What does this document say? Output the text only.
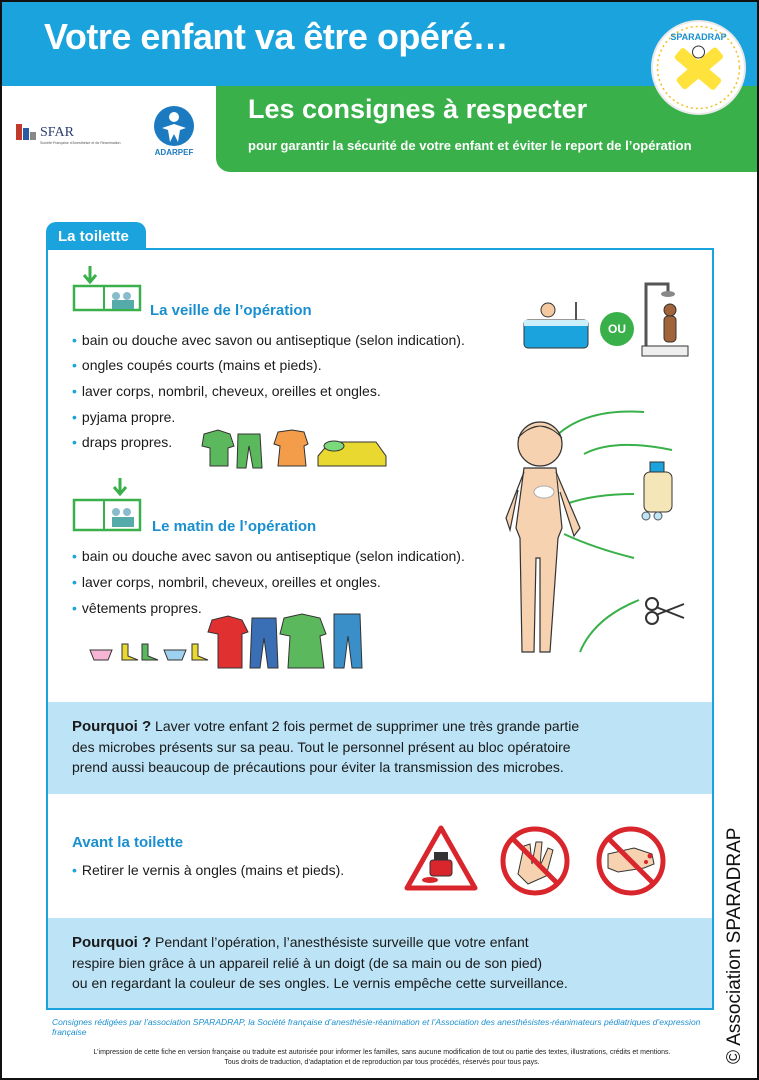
Votre enfant va être opéré…	SPARADRAP
Les consignes à respecter
pour garantir la sécurité de votre enfant et éviter le report de l’opération
SFAR
Société Française d’Anesthésie et de Réanimation
ADARPEF
La toilette
La veille de l’opération
• bain ou douche avec savon ou antiseptique (selon indication).
• ongles coupés courts (mains et pieds).
• laver corps, nombril, cheveux, oreilles et ongles.
• pyjama propre.
• draps propres.
OU
Le matin de l’opération
• bain ou douche avec savon ou antiseptique (selon indication).
• laver corps, nombril, cheveux, oreilles et ongles.
• vêtements propres.
Pourquoi ? Laver votre enfant 2 fois permet de supprimer une très grande partie
des microbes présents sur sa peau. Tout le personnel présent au bloc opératoire
prend aussi beaucoup de précautions pour éviter la transmission des microbes.
Avant la toilette
• Retirer le vernis à ongles (mains et pieds).
Pourquoi ? Pendant l’opération, l’anesthésiste surveille que votre enfant
respire bien grâce à un appareil relié à un doigt (de sa main ou de son pied)
ou en regardant la couleur de ses ongles. Le vernis empêche cette surveillance.
Consignes rédigées par l’association SPARADRAP, la Société française d’anesthésie-réanimation et l’Association des anesthésistes-réanimateurs pédiatriques d’expression française
L’impression de cette fiche en version française ou traduite est autorisée pour informer les familles, sans aucune modification de tout ou partie des textes, illustrations, crédits et mentions.
Tous droits de traduction, d’adaptation et de reproduction par tous procédés, réservés pour tous pays.	© Association SPARADRAP
